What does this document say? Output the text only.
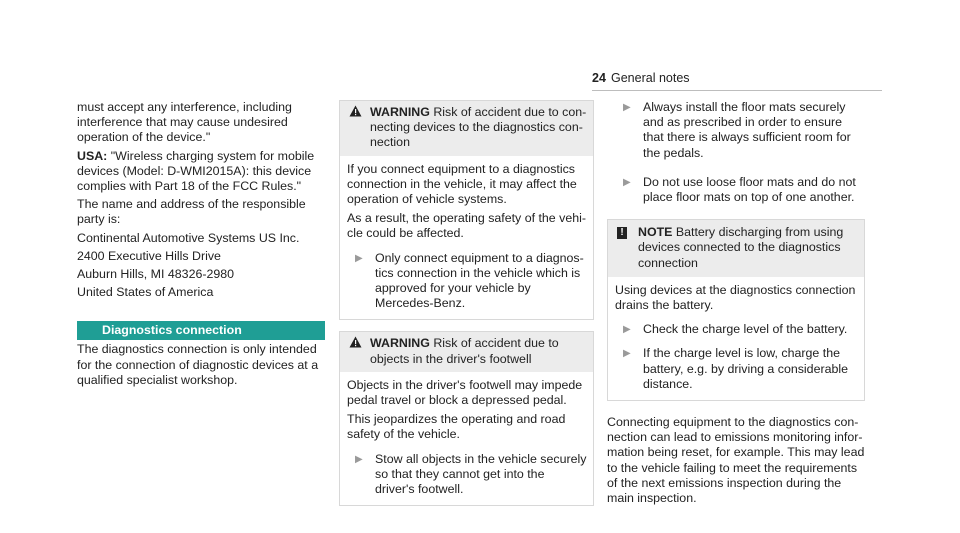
24 General notes

must accept any interference, including interference that may cause undesired operation of the device."

USA: "Wireless charging system for mobile devices (Model: D-WMI2015A): this device complies with Part 18 of the FCC Rules."

The name and address of the responsible party is:

Continental Automotive Systems US Inc.

2400 Executive Hills Drive

Auburn Hills, MI 48326-2980

United States of America

Diagnostics connection

The diagnostics connection is only intended for the connection of diagnostic devices at a qualified specialist workshop.

WARNING Risk of accident due to connecting devices to the diagnostics connection

If you connect equipment to a diagnostics connection in the vehicle, it may affect the operation of vehicle systems.

As a result, the operating safety of the vehicle could be affected.

▶ Only connect equipment to a diagnostics connection in the vehicle which is approved for your vehicle by Mercedes-Benz.
WARNING Risk of accident due to objects in the driver's footwell

Objects in the driver's footwell may impede pedal travel or block a depressed pedal.

This jeopardizes the operating and road safety of the vehicle.

▶ Stow all objects in the vehicle securely so that they cannot get into the driver's footwell.
▶ Always install the floor mats securely and as prescribed in order to ensure that there is always sufficient room for the pedals.
▶ Do not use loose floor mats and do not place floor mats on top of one another.
! NOTE Battery discharging from using devices connected to the diagnostics connection

Using devices at the diagnostics connection drains the battery.

▶ Check the charge level of the battery.
▶ If the charge level is low, charge the battery, e.g. by driving a considerable distance.

Connecting equipment to the diagnostics connection can lead to emissions monitoring information being reset, for example. This may lead to the vehicle failing to meet the requirements of the next emissions inspection during the main inspection.
